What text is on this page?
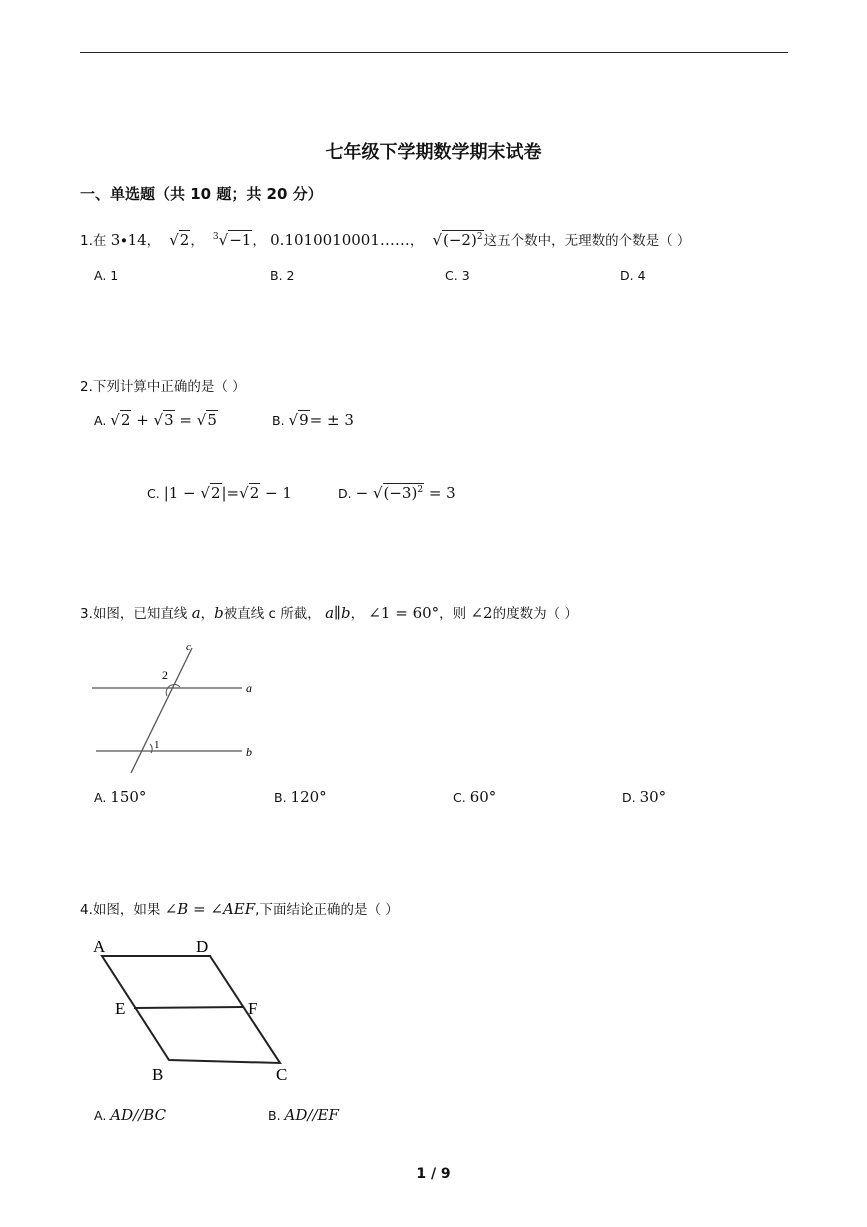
七年级下学期数学期末试卷
一、单选题（共 10 题；共 20 分）
1.在 3∙14，  √2， $^3$√−1， 0.1010010001……，  $√(-2)^2$这五个数中，无理数的个数是（ ）
A. 1	B. 2	C. 3	D. 4
2.下列计算中正确的是（ ）
A. √2 + √3 = √5	B. √9= ± 3
C. |1 − √2|=√2 − 1	D. − $√(-3)^2 = 3$
3.如图，已知直线 a，b被直线 c 所截， a∥b， ∠1 = 60°，则 ∠2的度数为（ ）
c
2
1
a
b
A. 150°	B. 120°	C. 60°	D. 30°
4.如图，如果 ∠B = ∠AEF,下面结论正确的是（ ）
A	D
E	F
B	C
A. AD//BC	B. AD//EF
1 / 9
